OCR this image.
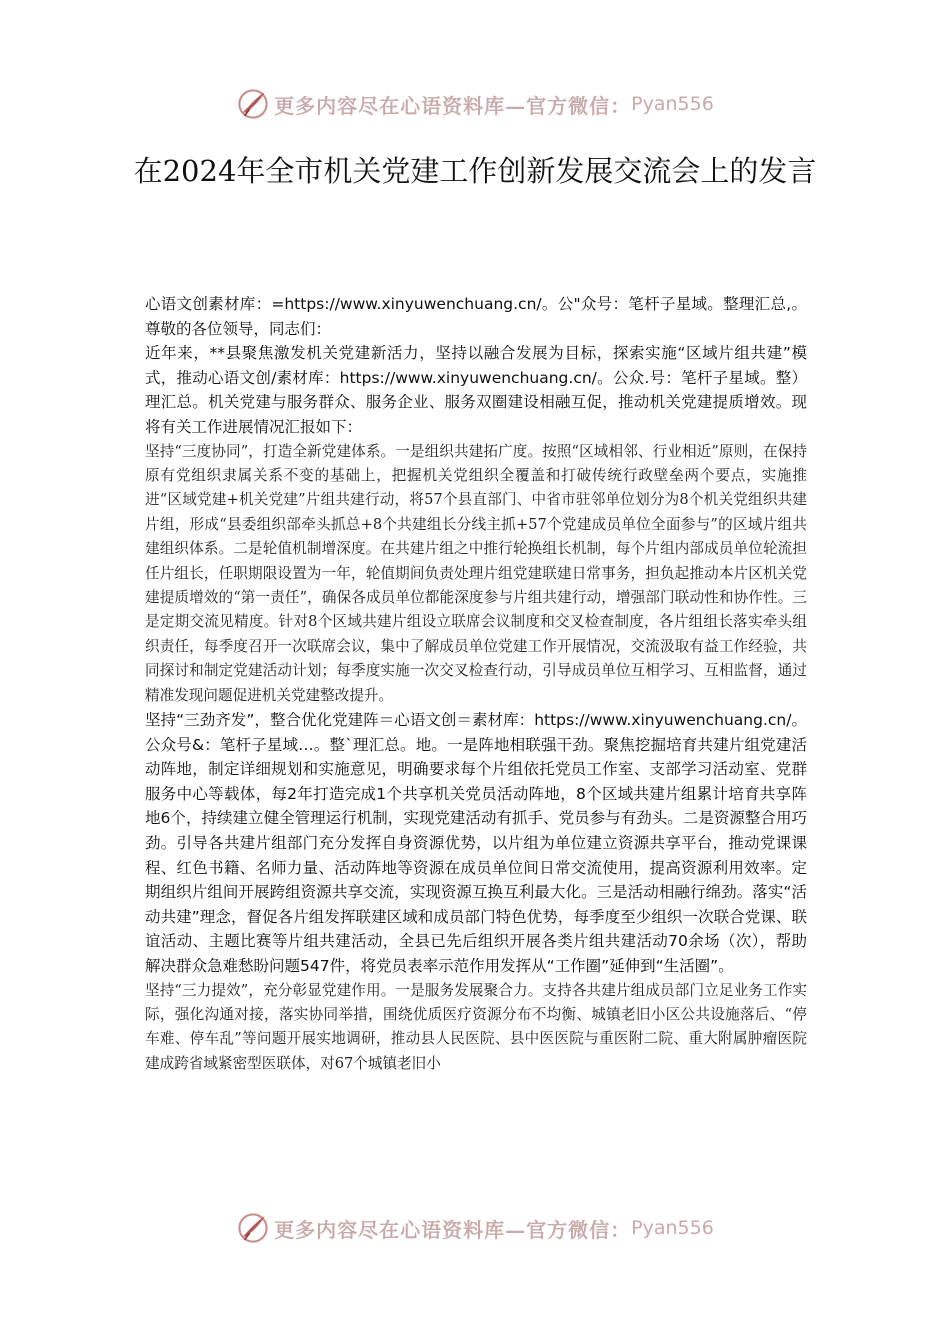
更多内容尽在心语资料库—官方微信： Pyan556
在2024年全市机关党建工作创新发展交流会上的发言

心语文创素材库：=https://www.xinyuwenchuang.cn/。公"众号：笔杆子星域。整理汇总,。尊敬的各位领导，同志们：

近年来，**县聚焦激发机关党建新活力，坚持以融合发展为目标，探索实施“区域片组共建”模式，推动心语文创/素材库：https://www.xinyuwenchuang.cn/。公众.号：笔杆子星域。整）理汇总。机关党建与服务群众、服务企业、服务双圈建设相融互促，推动机关党建提质增效。现将有关工作进展情况汇报如下：

坚持“三度协同”，打造全新党建体系。一是组织共建拓广度。按照“区域相邻、行业相近”原则，在保持原有党组织隶属关系不变的基础上，把握机关党组织全覆盖和打破传统行政壁垒两个要点，实施推进“区域党建+机关党建”片组共建行动，将57个县直部门、中省市驻邻单位划分为8个机关党组织共建片组，形成“县委组织部牵头抓总+8个共建组长分线主抓+57个党建成员单位全面参与”的区域片组共建组织体系。二是轮值机制增深度。在共建片组之中推行轮换组长机制，每个片组内部成员单位轮流担任片组长，任职期限设置为一年，轮值期间负责处理片组党建联建日常事务，担负起推动本片区机关党建提质增效的“第一责任”，确保各成员单位都能深度参与片组共建行动，增强部门联动性和协作性。三是定期交流见精度。针对8个区域共建片组设立联席会议制度和交叉检查制度，各片组组长落实牵头组织责任，每季度召开一次联席会议，集中了解成员单位党建工作开展情况，交流汲取有益工作经验，共同探讨和制定党建活动计划；每季度实施一次交叉检查行动，引导成员单位互相学习、互相监督，通过精准发现问题促进机关党建整改提升。

坚持“三劲齐发”，整合优化党建阵＝心语文创＝素材库：https://www.xinyuwenchuang.cn/。公众号&：笔杆子星域…。整`理汇总。地。一是阵地相联强干劲。聚焦挖掘培育共建片组党建活动阵地，制定详细规划和实施意见，明确要求每个片组依托党员工作室、支部学习活动室、党群服务中心等载体，每2年打造完成1个共享机关党员活动阵地，8个区域共建片组累计培育共享阵地6个，持续建立健全管理运行机制，实现党建活动有抓手、党员参与有劲头。二是资源整合用巧劲。引导各共建片组部门充分发挥自身资源优势，以片组为单位建立资源共享平台，推动党课课程、红色书籍、名师力量、活动阵地等资源在成员单位间日常交流使用，提高资源利用效率。定期组织片组间开展跨组资源共享交流，实现资源互换互利最大化。三是活动相融行绵劲。落实“活动共建”理念，督促各片组发挥联建区域和成员部门特色优势，每季度至少组织一次联合党课、联谊活动、主题比赛等片组共建活动，全县已先后组织开展各类片组共建活动70余场（次），帮助解决群众急难愁盼问题547件，将党员表率示范作用发挥从“工作圈”延伸到“生活圈”。

坚持“三力提效”，充分彰显党建作用。一是服务发展聚合力。支持各共建片组成员部门立足业务工作实际，强化沟通对接，落实协同举措，围绕优质医疗资源分布不均衡、城镇老旧小区公共设施落后、“停车难、停车乱”等问题开展实地调研，推动县人民医院、县中医医院与重医附二院、重大附属肿瘤医院建成跨省域紧密型医联体，对67个城镇老旧小

更多内容尽在心语资料库—官方微信： Pyan556
